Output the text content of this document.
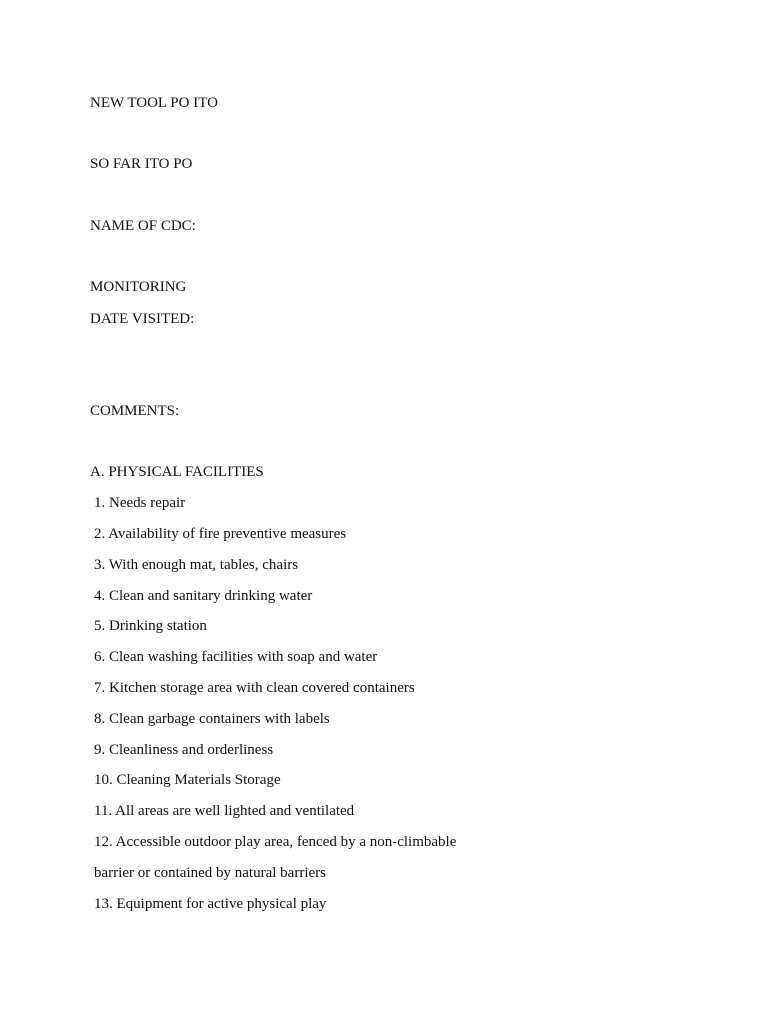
NEW TOOL PO ITO
SO FAR ITO PO
NAME OF CDC:
MONITORING
DATE VISITED:
COMMENTS:
A. PHYSICAL FACILITIES
1. Needs repair
2. Availability of fire preventive measures
3. With enough mat, tables, chairs
4. Clean and sanitary drinking water
5. Drinking station
6. Clean washing facilities with soap and water
7. Kitchen storage area with clean covered containers
8. Clean garbage containers with labels
9. Cleanliness and orderliness
10. Cleaning Materials Storage
11. All areas are well lighted and ventilated
12. Accessible outdoor play area, fenced by a non-climbable
barrier or contained by natural barriers
13. Equipment for active physical play
